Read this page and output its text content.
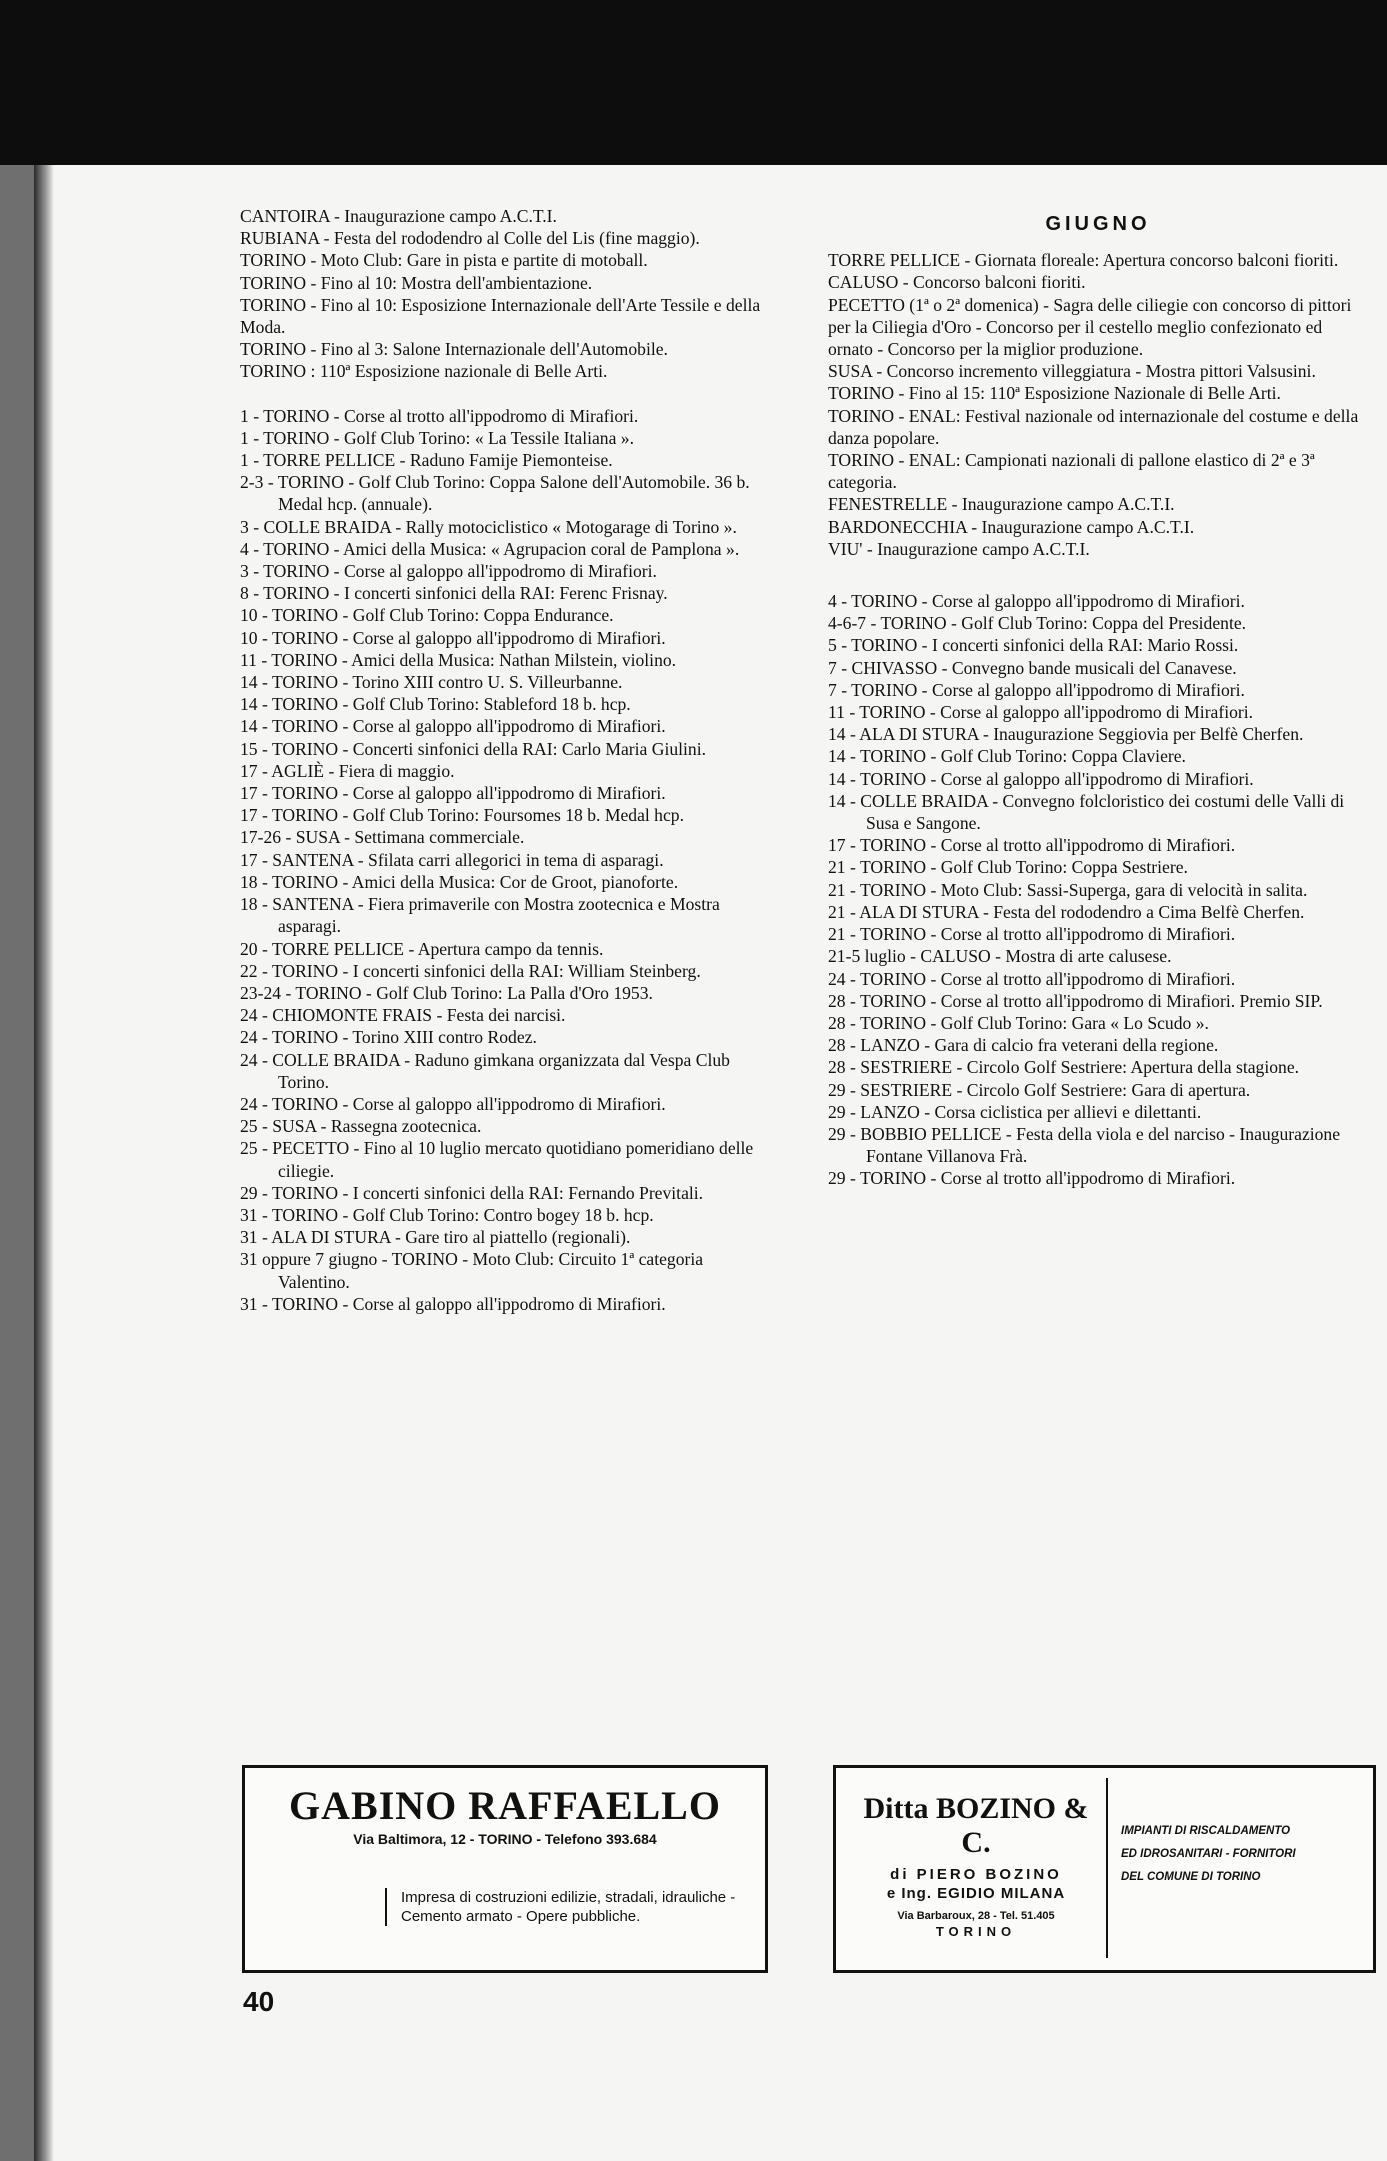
CANTOIRA - Inaugurazione campo A.C.T.I.
RUBIANA - Festa del rododendro al Colle del Lis (fine maggio).
TORINO - Moto Club: Gare in pista e partite di motoball.
TORINO - Fino al 10: Mostra dell'ambientazione.
TORINO - Fino al 10: Esposizione Internazionale dell'Arte Tessile e della Moda.
TORINO - Fino al 3: Salone Internazionale dell'Automobile.
TORINO : 110ª Esposizione nazionale di Belle Arti.
1 - TORINO - Corse al trotto all'ippodromo di Mirafiori.
1 - TORINO - Golf Club Torino: « La Tessile Italiana ».
1 - TORRE PELLICE - Raduno Famije Piemonteise.
2-3 - TORINO - Golf Club Torino: Coppa Salone dell'Automobile. 36 b. Medal hcp. (annuale).
3 - COLLE BRAIDA - Rally motociclistico « Motogarage di Torino ».
4 - TORINO - Amici della Musica: « Agrupacion coral de Pamplona ».
3 - TORINO - Corse al galoppo all'ippodromo di Mirafiori.
8 - TORINO - I concerti sinfonici della RAI: Ferenc Frisnay.
10 - TORINO - Golf Club Torino: Coppa Endurance.
10 - TORINO - Corse al galoppo all'ippodromo di Mirafiori.
11 - TORINO - Amici della Musica: Nathan Milstein, violino.
14 - TORINO - Torino XIII contro U. S. Villeurbanne.
14 - TORINO - Golf Club Torino: Stableford 18 b. hcp.
14 - TORINO - Corse al galoppo all'ippodromo di Mirafiori.
15 - TORINO - Concerti sinfonici della RAI: Carlo Maria Giulini.
17 - AGLIÈ - Fiera di maggio.
17 - TORINO - Corse al galoppo all'ippodromo di Mirafiori.
17 - TORINO - Golf Club Torino: Foursomes 18 b. Medal hcp.
17-26 - SUSA - Settimana commerciale.
17 - SANTENA - Sfilata carri allegorici in tema di asparagi.
18 - TORINO - Amici della Musica: Cor de Groot, pianoforte.
18 - SANTENA - Fiera primaverile con Mostra zootecnica e Mostra asparagi.
20 - TORRE PELLICE - Apertura campo da tennis.
22 - TORINO - I concerti sinfonici della RAI: William Steinberg.
23-24 - TORINO - Golf Club Torino: La Palla d'Oro 1953.
24 - CHIOMONTE FRAIS - Festa dei narcisi.
24 - TORINO - Torino XIII contro Rodez.
24 - COLLE BRAIDA - Raduno gimkana organizzata dal Vespa Club Torino.
24 - TORINO - Corse al galoppo all'ippodromo di Mirafiori.
25 - SUSA - Rassegna zootecnica.
25 - PECETTO - Fino al 10 luglio mercato quotidiano pomeridiano delle ciliegie.
29 - TORINO - I concerti sinfonici della RAI: Fernando Previtali.
31 - TORINO - Golf Club Torino: Contro bogey 18 b. hcp.
31 - ALA DI STURA - Gare tiro al piattello (regionali).
31 oppure 7 giugno - TORINO - Moto Club: Circuito 1ª categoria Valentino.
31 - TORINO - Corse al galoppo all'ippodromo di Mirafiori.
GIUGNO
TORRE PELLICE - Giornata floreale: Apertura concorso balconi fioriti.
CALUSO - Concorso balconi fioriti.
PECETTO (1ª o 2ª domenica) - Sagra delle ciliegie con concorso di pittori per la Ciliegia d'Oro - Concorso per il cestello meglio confezionato ed ornato - Concorso per la miglior produzione.
SUSA - Concorso incremento villeggiatura - Mostra pittori Valsusini.
TORINO - Fino al 15: 110ª Esposizione Nazionale di Belle Arti.
TORINO - ENAL: Festival nazionale od internazionale del costume e della danza popolare.
TORINO - ENAL: Campionati nazionali di pallone elastico di 2ª e 3ª categoria.
FENESTRELLE - Inaugurazione campo A.C.T.I.
BARDONECCHIA - Inaugurazione campo A.C.T.I.
VIU' - Inaugurazione campo A.C.T.I.
4 - TORINO - Corse al galoppo all'ippodromo di Mirafiori.
4-6-7 - TORINO - Golf Club Torino: Coppa del Presidente.
5 - TORINO - I concerti sinfonici della RAI: Mario Rossi.
7 - CHIVASSO - Convegno bande musicali del Canavese.
7 - TORINO - Corse al galoppo all'ippodromo di Mirafiori.
11 - TORINO - Corse al galoppo all'ippodromo di Mirafiori.
14 - ALA DI STURA - Inaugurazione Seggiovia per Belfè Cherfen.
14 - TORINO - Golf Club Torino: Coppa Claviere.
14 - TORINO - Corse al galoppo all'ippodromo di Mirafiori.
14 - COLLE BRAIDA - Convegno folcloristico dei costumi delle Valli di Susa e Sangone.
17 - TORINO - Corse al trotto all'ippodromo di Mirafiori.
21 - TORINO - Golf Club Torino: Coppa Sestriere.
21 - TORINO - Moto Club: Sassi-Superga, gara di velocità in salita.
21 - ALA DI STURA - Festa del rododendro a Cima Belfè Cherfen.
21 - TORINO - Corse al trotto all'ippodromo di Mirafiori.
21-5 luglio - CALUSO - Mostra di arte calusese.
24 - TORINO - Corse al trotto all'ippodromo di Mirafiori.
28 - TORINO - Corse al trotto all'ippodromo di Mirafiori. Premio SIP.
28 - TORINO - Golf Club Torino: Gara « Lo Scudo ».
28 - LANZO - Gara di calcio fra veterani della regione.
28 - SESTRIERE - Circolo Golf Sestriere: Apertura della stagione.
29 - SESTRIERE - Circolo Golf Sestriere: Gara di apertura.
29 - LANZO - Corsa ciclistica per allievi e dilettanti.
29 - BOBBIO PELLICE - Festa della viola e del narciso - Inaugurazione Fontane Villanova Frà.
29 - TORINO - Corse al trotto all'ippodromo di Mirafiori.
GABINO RAFFAELLO
Via Baltimora, 12 - TORINO - Telefono 393.684
Impresa di costruzioni edilizie, stradali, idrauliche - Cemento armato - Opere pubbliche.
Ditta BOZINO & C.
di PIERO BOZINO
e Ing. EGIDIO MILANA
Via Barbaroux, 28 - Tel. 51.405
TORINO
IMPIANTI DI RISCALDAMENTO
ED IDROSANITARI - FORNITORI
DEL COMUNE DI TORINO
40
